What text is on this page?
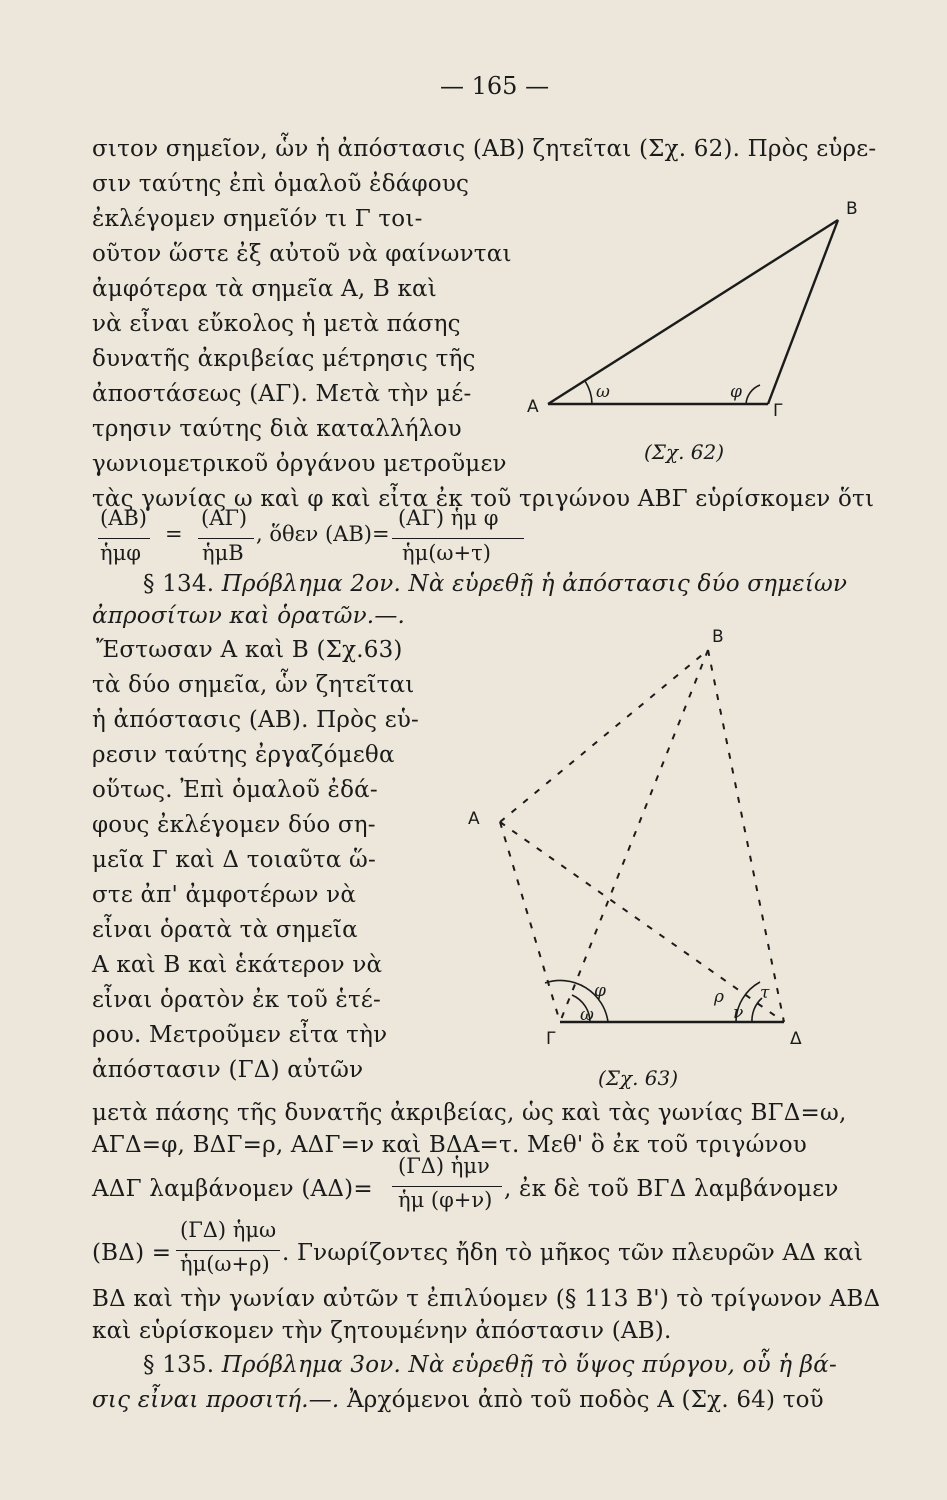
— 165 —
σιτον σημεῖον, ὧν ἡ ἀπόστασις (ΑΒ) ζητεῖται (Σχ. 62). Πρὸς εὑρε-
σιν ταύτης ἐπὶ ὁμαλοῦ ἐδάφους
ἐκλέγομεν σημεῖόν τι Γ τοι-
οῦτον ὥστε ἐξ αὐτοῦ νὰ φαίνωνται
ἀμφότερα τὰ σημεῖα Α, Β καὶ
νὰ εἶναι εὔκολος ἡ μετὰ πάσης
δυνατῆς ἀκριβείας μέτρησις τῆς
ἀποστάσεως (ΑΓ). Μετὰ τὴν μέ-
τρησιν ταύτης διὰ καταλλήλου
γωνιομετρικοῦ ὀργάνου μετροῦμεν
τὰς γωνίας ω καὶ φ καὶ εἶτα ἐκ τοῦ τριγώνου ΑΒΓ εὑρίσκομεν ὅτι
A
B
Γ
ω	φ
(Σχ. 62)
(ΑΒ)
ἡμφ
=
(ΑΓ)
ἡμΒ
, ὅθεν (ΑΒ)=
(ΑΓ) ἡμ φ
ἡμ(ω+τ)
§ 134. Πρόβλημα 2ον. Νὰ εὑρεθῇ ἡ ἀπόστασις δύο σημείων
ἀπροσίτων καὶ ὁρατῶν.—.
Ἔστωσαν Α καὶ Β (Σχ.63)
τὰ δύο σημεῖα, ὧν ζητεῖται
ἡ ἀπόστασις (ΑΒ). Πρὸς εὑ-
ρεσιν ταύτης ἐργαζόμεθα
οὕτως. Ἐπὶ ὁμαλοῦ ἐδά-
φους ἐκλέγομεν δύο ση-
μεῖα Γ καὶ Δ τοιαῦτα ὥ-
στε ἀπ' ἀμφοτέρων νὰ
εἶναι ὁρατὰ τὰ σημεῖα
Α καὶ Β καὶ ἑκάτερον νὰ
εἶναι ὁρατὸν ἐκ τοῦ ἑτέ-
ρου. Μετροῦμεν εἶτα τὴν
ἀπόστασιν (ΓΔ) αὐτῶν
A
B
Γ	Δ
φ
ω
ρ
ν
τ
(Σχ. 63)
μετὰ πάσης τῆς δυνατῆς ἀκριβείας, ὡς καὶ τὰς γωνίας ΒΓΔ=ω,
ΑΓΔ=φ, ΒΔΓ=ρ, ΑΔΓ=ν καὶ ΒΔΑ=τ. Μεθ' ὃ ἐκ τοῦ τριγώνου
ΑΔΓ λαμβάνομεν (ΑΔ)=
(ΓΔ) ἡμν
ἡμ (φ+ν) , ἐκ δὲ τοῦ ΒΓΔ λαμβάνομεν
(ΒΔ) =
(ΓΔ) ἡμω
ἡμ(ω+ρ) . Γνωρίζοντες ἤδη τὸ μῆκος τῶν πλευρῶν ΑΔ καὶ
ΒΔ καὶ τὴν γωνίαν αὐτῶν τ ἐπιλύομεν (§ 113 Β') τὸ τρίγωνον ΑΒΔ
καὶ εὑρίσκομεν τὴν ζητουμένην ἀπόστασιν (ΑΒ).
§ 135. Πρόβλημα 3ον. Νὰ εὑρεθῇ τὸ ὕψος πύργου, οὗ ἡ βά-
σις εἶναι προσιτή.—. Ἀρχόμενοι ἀπὸ τοῦ ποδὸς Α (Σχ. 64) τοῦ
